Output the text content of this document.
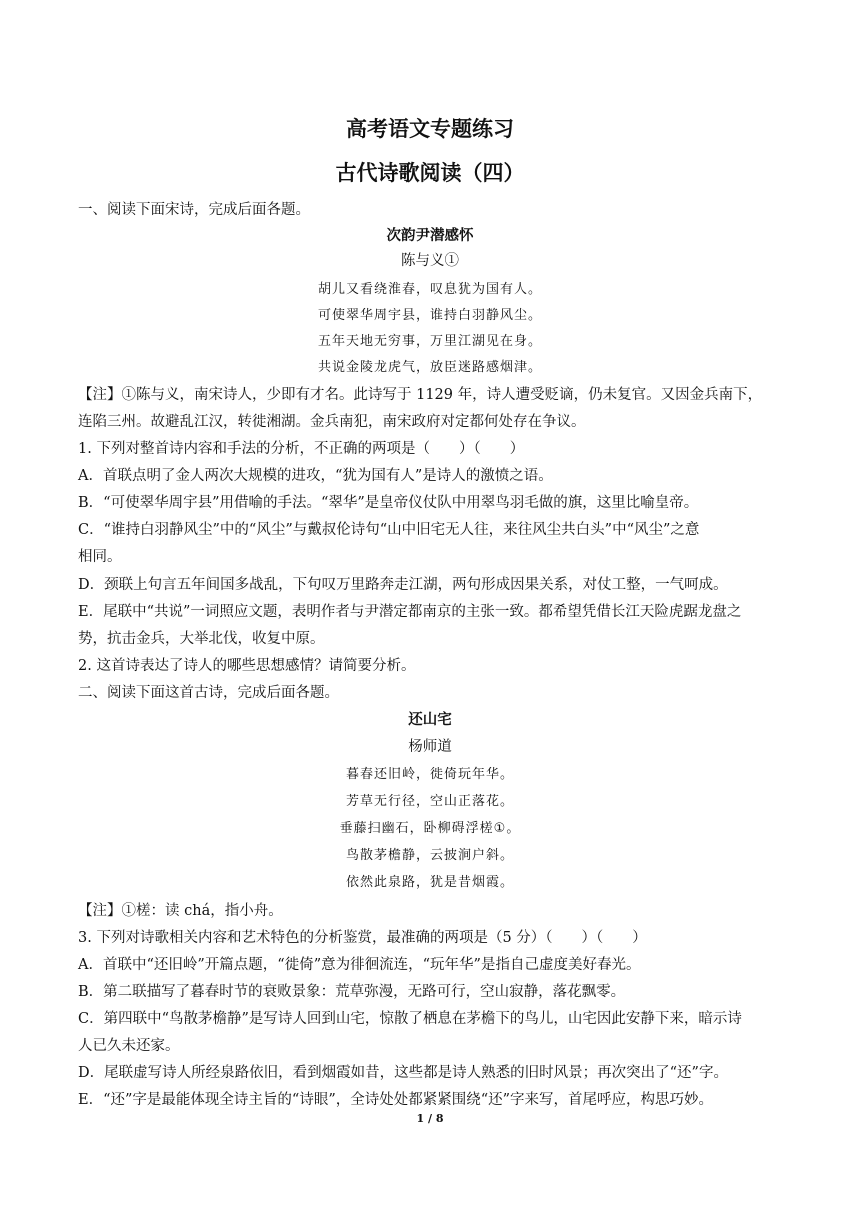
高考语文专题练习
古代诗歌阅读（四）
一、阅读下面宋诗，完成后面各题。
次韵尹潜感怀
陈与义①
胡儿又看绕淮春，叹息犹为国有人。
可使翠华周宇县，谁持白羽静风尘。
五年天地无穷事，万里江湖见在身。
共说金陵龙虎气，放臣迷路感烟津。
【注】①陈与义，南宋诗人，少即有才名。此诗写于 1129 年，诗人遭受贬谪，仍未复官。又因金兵南下，
连陷三州。故避乱江汉，转徙湘湖。金兵南犯，南宋政府对定都何处存在争议。
1. 下列对整首诗内容和手法的分析，不正确的两项是（　　）（　　）
A．首联点明了金人两次大规模的进攻，“犹为国有人”是诗人的激愤之语。
B．“可使翠华周宇县”用借喻的手法。“翠华”是皇帝仪仗队中用翠鸟羽毛做的旗，这里比喻皇帝。
C．“谁持白羽静风尘”中的“风尘”与戴叔伦诗句“山中旧宅无人往，来往风尘共白头”中“风尘”之意
相同。
D．颈联上句言五年间国多战乱，下句叹万里路奔走江湖，两句形成因果关系，对仗工整，一气呵成。
E．尾联中“共说”一词照应文题，表明作者与尹潜定都南京的主张一致。都希望凭借长江天险虎踞龙盘之
势，抗击金兵，大举北伐，收复中原。
2. 这首诗表达了诗人的哪些思想感情？请简要分析。
二、阅读下面这首古诗，完成后面各题。
还山宅
杨师道
暮春还旧岭，徙倚玩年华。
芳草无行径，空山正落花。
垂藤扫幽石，卧柳碍浮槎①。
鸟散茅檐静，云披涧户斜。
依然此泉路，犹是昔烟霞。
【注】①槎：读 chá，指小舟。
3. 下列对诗歌相关内容和艺术特色的分析鉴赏，最准确的两项是（5 分）（　　）（　　）
A．首联中“还旧岭”开篇点题，“徙倚”意为徘徊流连，“玩年华”是指自己虚度美好春光。
B．第二联描写了暮春时节的衰败景象：荒草弥漫，无路可行，空山寂静，落花飘零。
C．第四联中“鸟散茅檐静”是写诗人回到山宅，惊散了栖息在茅檐下的鸟儿，山宅因此安静下来，暗示诗
人已久未还家。
D．尾联虚写诗人所经泉路依旧，看到烟霞如昔，这些都是诗人熟悉的旧时风景；再次突出了“还”字。
E．“还”字是最能体现全诗主旨的“诗眼”，全诗处处都紧紧围绕“还”字来写，首尾呼应，构思巧妙。
1 / 8
